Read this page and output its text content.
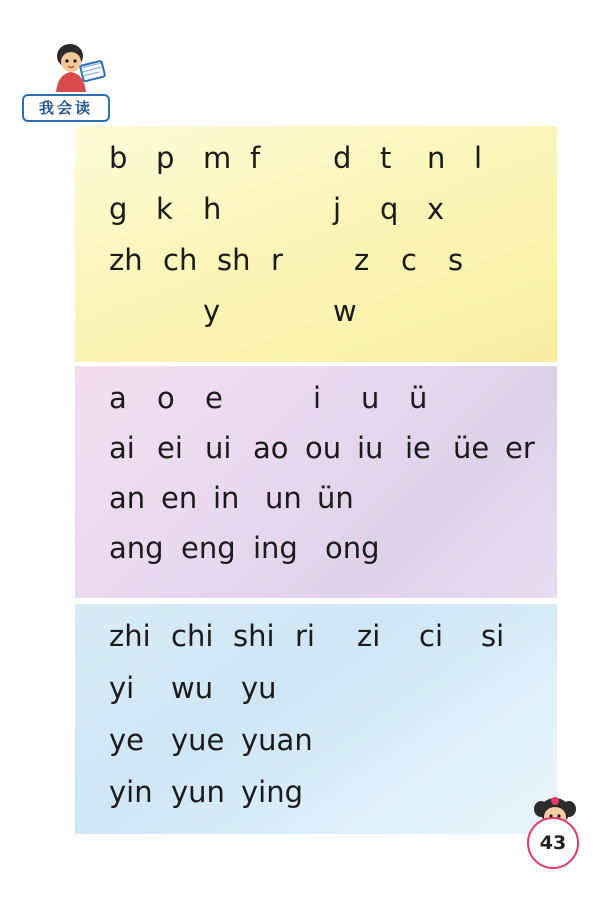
我会读
b p m f	d t	n l
g k	h	j	q x
zh ch sh r	z	c	s
y	w
a	o	e	i	u	ü
ai ei ui ao ou iu ie üe er
an en in un ün
ang eng ing ong
zhi chi shi ri	zi	ci	si
yi	wu yu
ye yue yuan
yin yun ying
43
